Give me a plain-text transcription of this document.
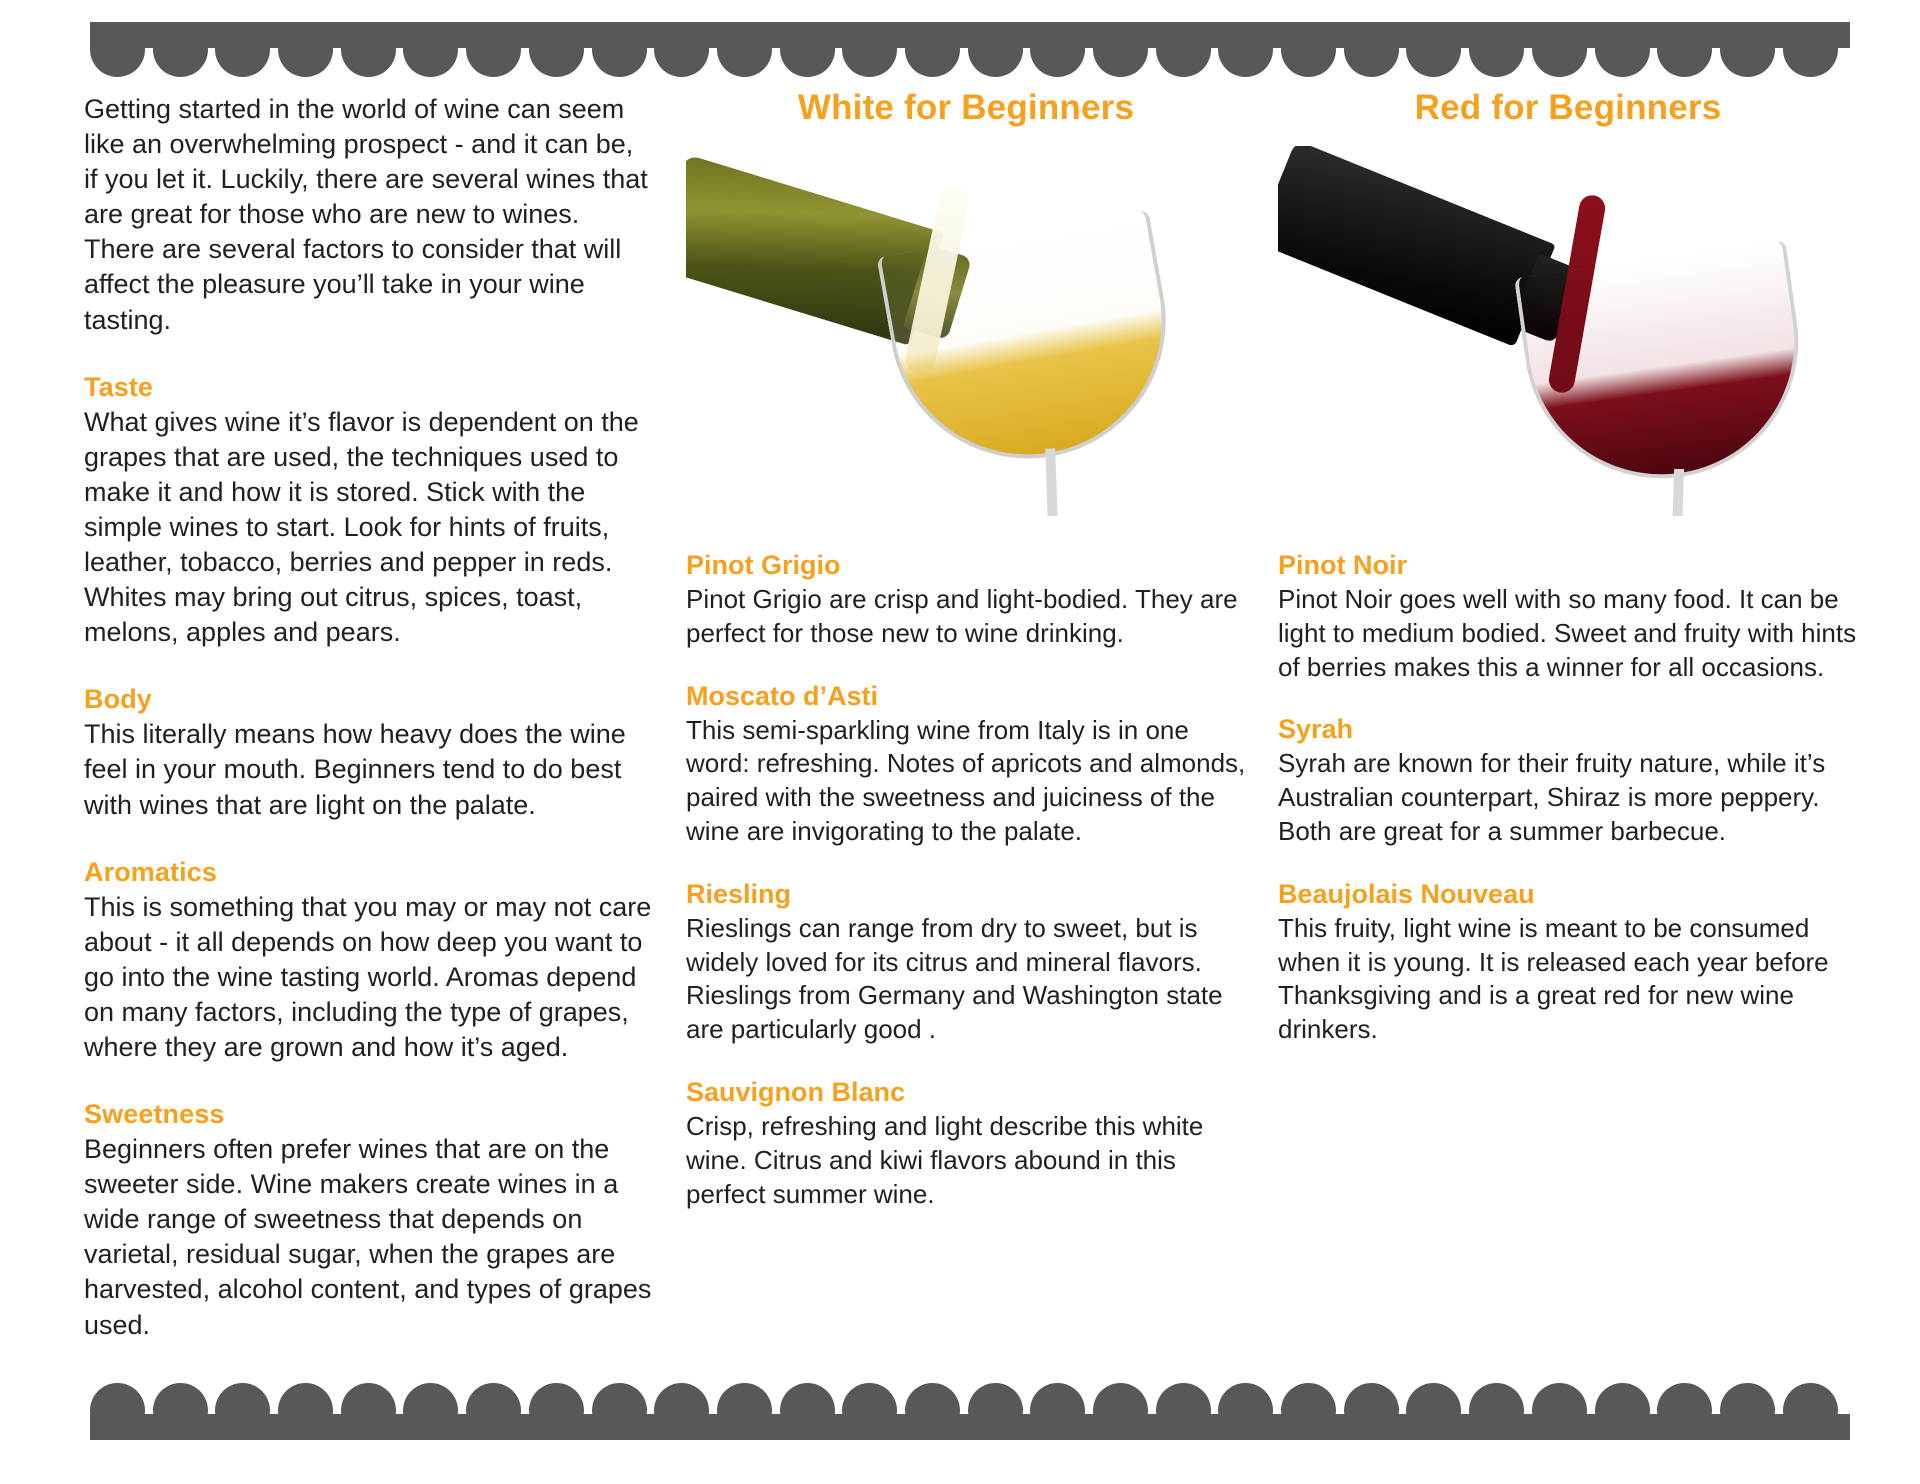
Getting started in the world of wine can seem like an overwhelming prospect - and it can be, if you let it. Luckily, there are several wines that are great for those who are new to wines. There are several factors to consider that will affect the pleasure you’ll take in your wine tasting.

Taste

What gives wine it’s flavor is dependent on the grapes that are used, the techniques used to make it and how it is stored. Stick with the simple wines to start. Look for hints of fruits, leather, tobacco, berries and pepper in reds. Whites may bring out citrus, spices, toast, melons, apples and pears.

Body

This literally means how heavy does the wine feel in your mouth. Beginners tend to do best with wines that are light on the palate.

Aromatics

This is something that you may or may not care about - it all depends on how deep you want to go into the wine tasting world. Aromas depend on many factors, including the type of grapes, where they are grown and how it’s aged.

Sweetness

Beginners often prefer wines that are on the sweeter side. Wine makers create wines in a wide range of sweetness that depends on varietal, residual sugar, when the grapes are harvested, alcohol content, and types of grapes used.

White for Beginners
Pinot Grigio

Pinot Grigio are crisp and light-bodied. They are perfect for those new to wine drinking.

Moscato d’Asti

This semi-sparkling wine from Italy is in one word: refreshing. Notes of apricots and almonds, paired with the sweetness and juiciness of the wine are invigorating to the palate.

Riesling

Rieslings can range from dry to sweet, but is widely loved for its citrus and mineral flavors. Rieslings from Germany and Washington state are particularly good .

Sauvignon Blanc

Crisp, refreshing and light describe this white wine. Citrus and kiwi flavors abound in this perfect summer wine.

Red for Beginners
Pinot Noir

Pinot Noir goes well with so many food. It can be light to medium bodied. Sweet and fruity with hints of berries makes this a winner for all occasions.

Syrah

Syrah are known for their fruity nature, while it’s Australian counterpart, Shiraz is more peppery. Both are great for a summer barbecue.

Beaujolais Nouveau

This fruity, light wine is meant to be consumed when it is young. It is released each year before Thanksgiving and is a great red for new wine drinkers.
